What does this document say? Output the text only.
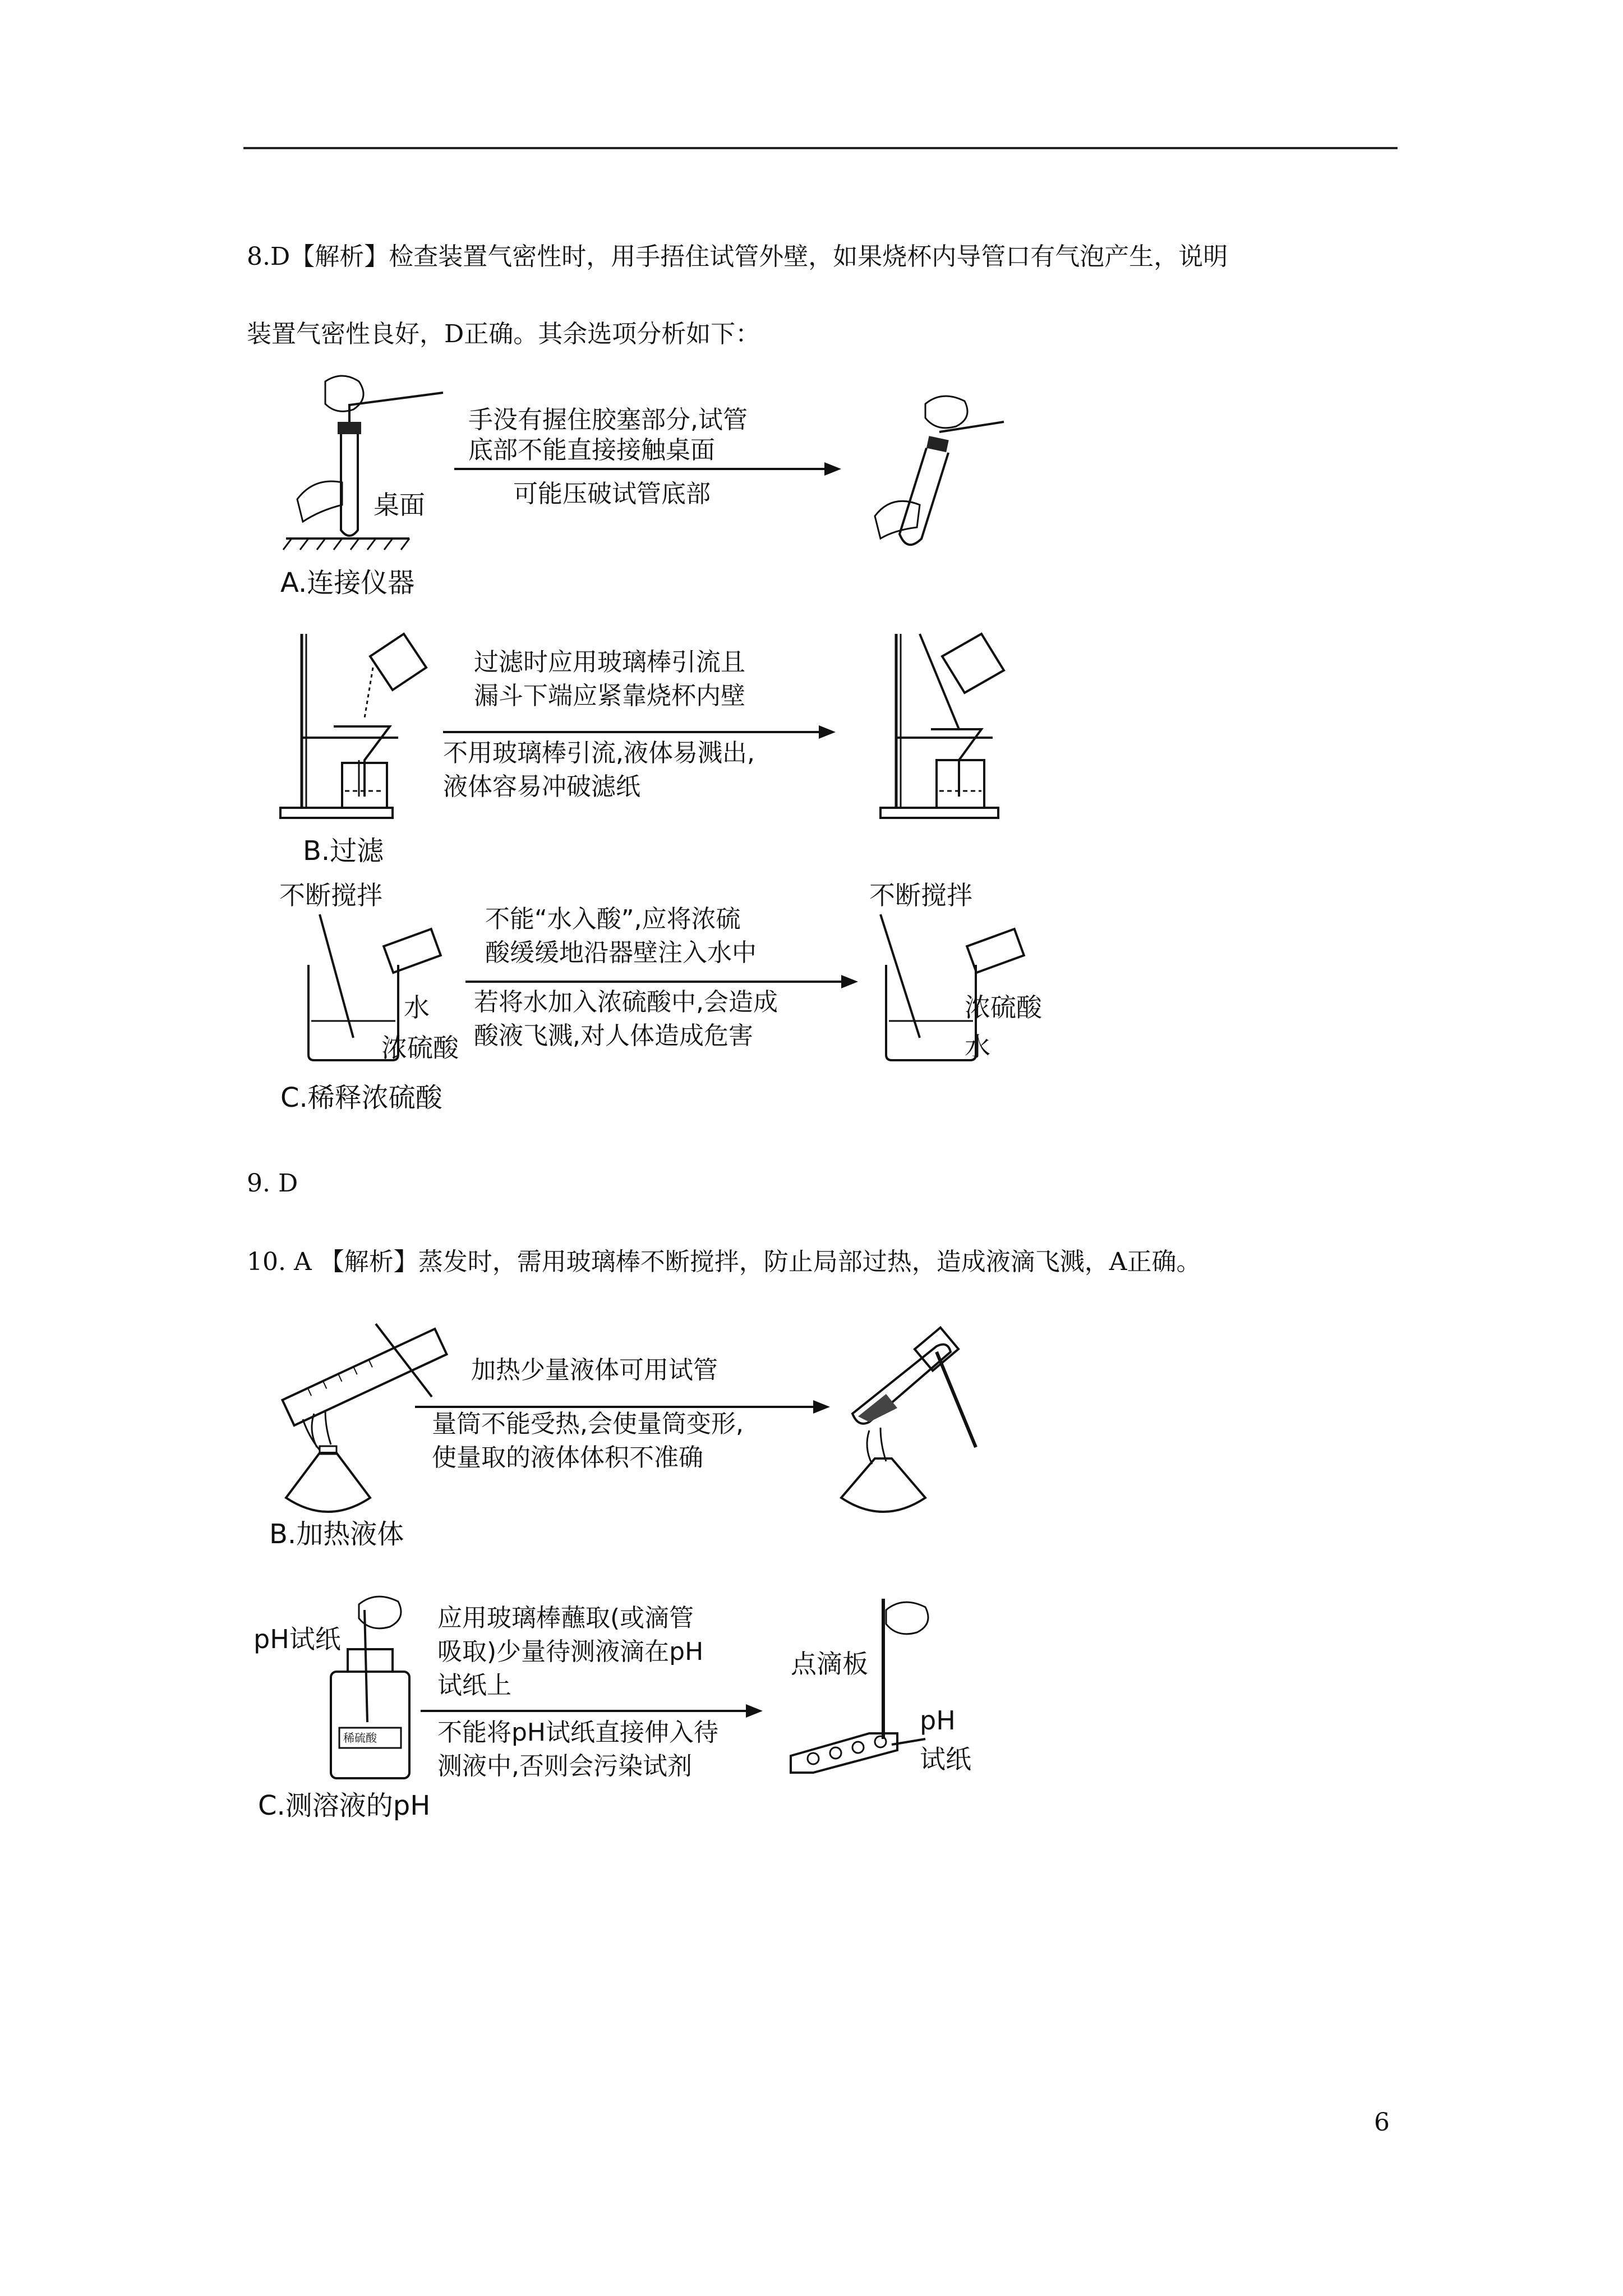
8.D【解析】检查装置气密性时，用手捂住试管外壁，如果烧杯内导管口有气泡产生，说明
装置气密性良好，D正确。其余选项分析如下：
桌面
手没有握住胶塞部分,试管
底部不能直接接触桌面
可能压破试管底部
A.连接仪器
过滤时应用玻璃棒引流且
漏斗下端应紧靠烧杯内壁
不用玻璃棒引流,液体易溅出,
液体容易冲破滤纸
B.过滤
不断搅拌
水
浓硫酸
不能“水入酸”,应将浓硫
酸缓缓地沿器壁注入水中
若将水加入浓硫酸中,会造成
酸液飞溅,对人体造成危害
不断搅拌
浓硫酸
水
C.稀释浓硫酸
9. D
10. A 【解析】蒸发时，需用玻璃棒不断搅拌，防止局部过热，造成液滴飞溅，A正确。
加热少量液体可用试管
量筒不能受热,会使量筒变形,
使量取的液体体积不准确
B.加热液体
pH试纸
稀硫酸
应用玻璃棒蘸取(或滴管
吸取)少量待测液滴在pH
试纸上
不能将pH试纸直接伸入待
测液中,否则会污染试剂
点滴板
pH
试纸
C.测溶液的pH
6
